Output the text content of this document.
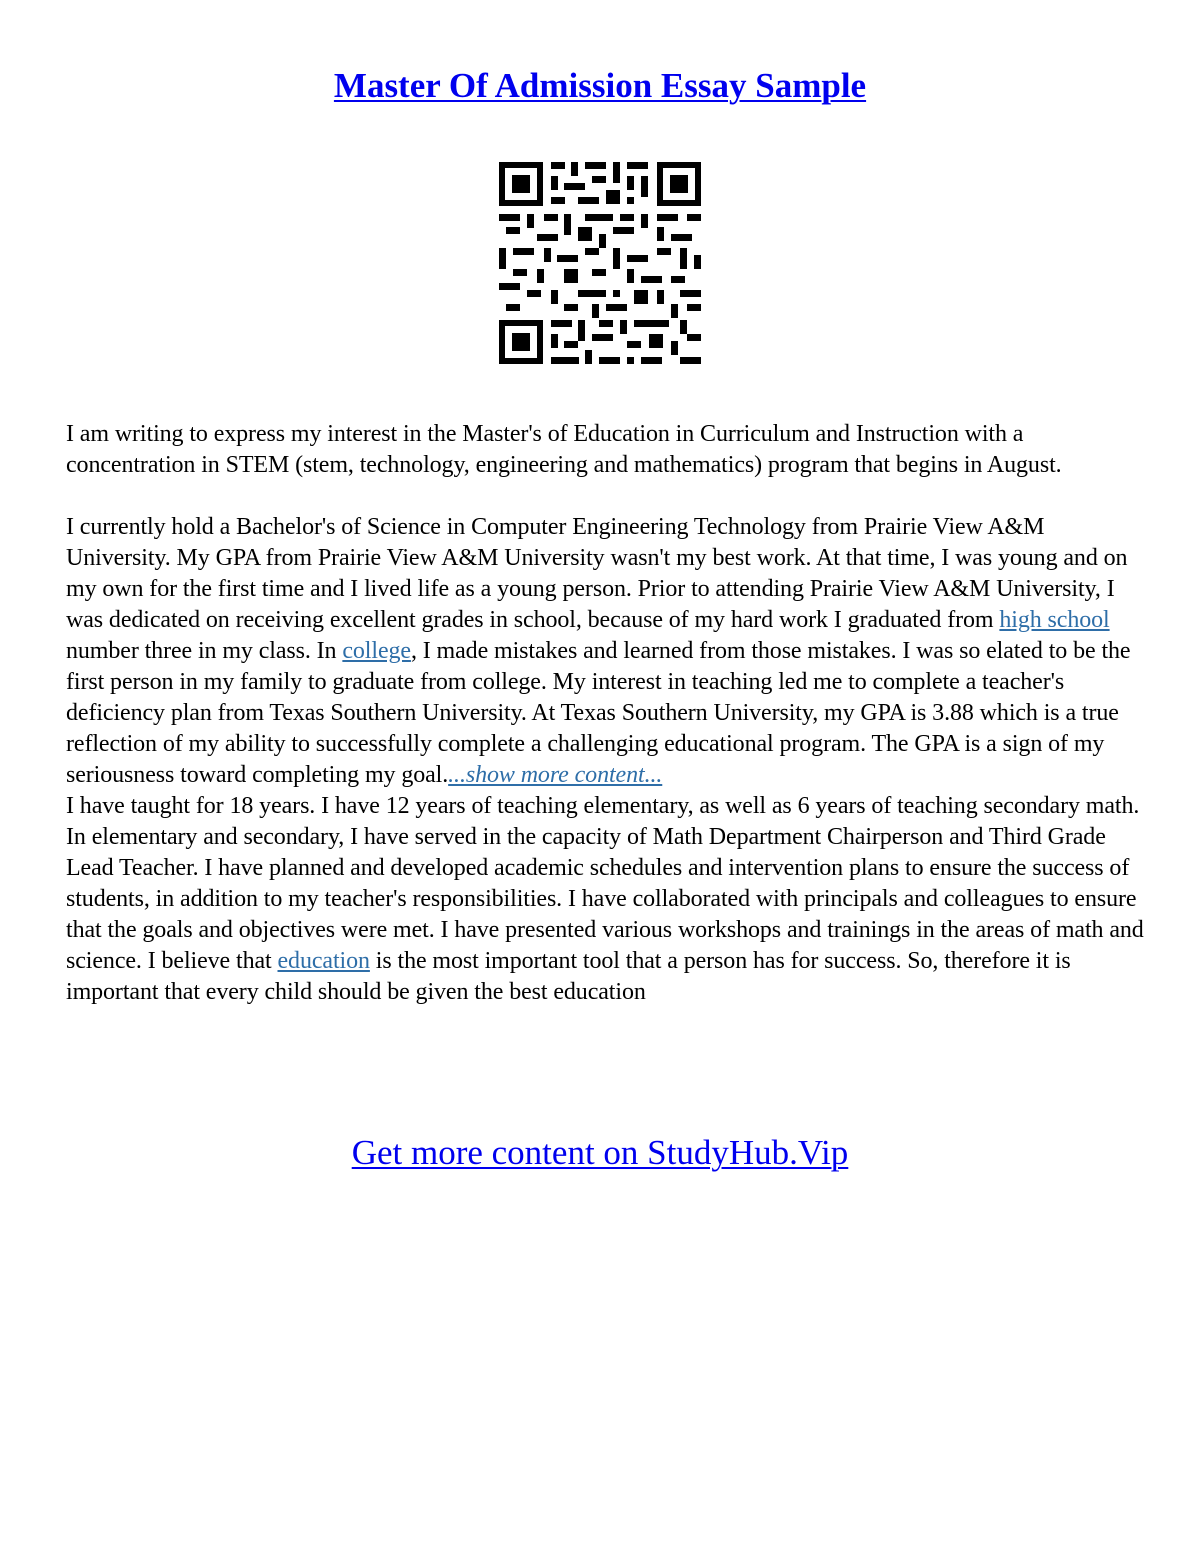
Master Of Admission Essay Sample

I am writing to express my interest in the Master's of Education in Curriculum and Instruction with a concentration in STEM (stem, technology, engineering and mathematics) program that begins in August.

I currently hold a Bachelor's of Science in Computer Engineering Technology from Prairie View A&M University. My GPA from Prairie View A&M University wasn't my best work. At that time, I was young and on my own for the first time and I lived life as a young person. Prior to attending Prairie View A&M University, I was dedicated on receiving excellent grades in school, because of my hard work I graduated from high school number three in my class. In college, I made mistakes and learned from those mistakes. I was so elated to be the first person in my family to graduate from college. My interest in teaching led me to complete a teacher's deficiency plan from Texas Southern University. At Texas Southern University, my GPA is 3.88 which is a true reflection of my ability to successfully complete a challenging educational program. The GPA is a sign of my seriousness toward completing my goal....show more content...

I have taught for 18 years. I have 12 years of teaching elementary, as well as 6 years of teaching secondary math. In elementary and secondary, I have served in the capacity of Math Department Chairperson and Third Grade Lead Teacher. I have planned and developed academic schedules and intervention plans to ensure the success of students, in addition to my teacher's responsibilities. I have collaborated with principals and colleagues to ensure that the goals and objectives were met. I have presented various workshops and trainings in the areas of math and science. I believe that education is the most important tool that a person has for success. So, therefore it is important that every child should be given the best education

Get more content on StudyHub.Vip
